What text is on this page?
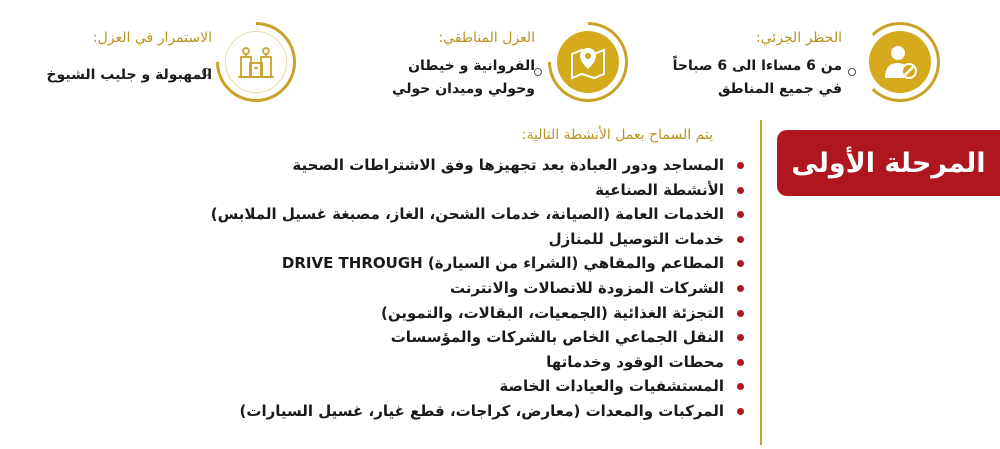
الحظر الجزئي:
من 6 مساءا الى 6 صباحاً
في جميع المناطق
العزل المناطقي:
الفروانية و خيطان
وحولي وميدان حولي
الاستمرار في العزل:
المهبولة و جليب الشيوخ
المرحلة الأولى
يتم السماح بعمل الأنشطة التالية:
المساجد ودور العبادة بعد تجهيزها وفق الاشتراطات الصحية
الأنشطة الصناعية
الخدمات العامة (الصيانة، خدمات الشحن، الغاز، مصبغة غسيل الملابس)
خدمات التوصيل للمنازل
المطاعم والمقاهي (الشراء من السيارة) DRIVE THROUGH
الشركات المزودة للاتصالات والانترنت
التجزئة الغذائية (الجمعيات، البقالات، والتموين)
النقل الجماعي الخاص بالشركات والمؤسسات
محطات الوقود وخدماتها
المستشفيات والعيادات الخاصة
المركبات والمعدات (معارض، كراجات، قطع غيار، غسيل السيارات)
